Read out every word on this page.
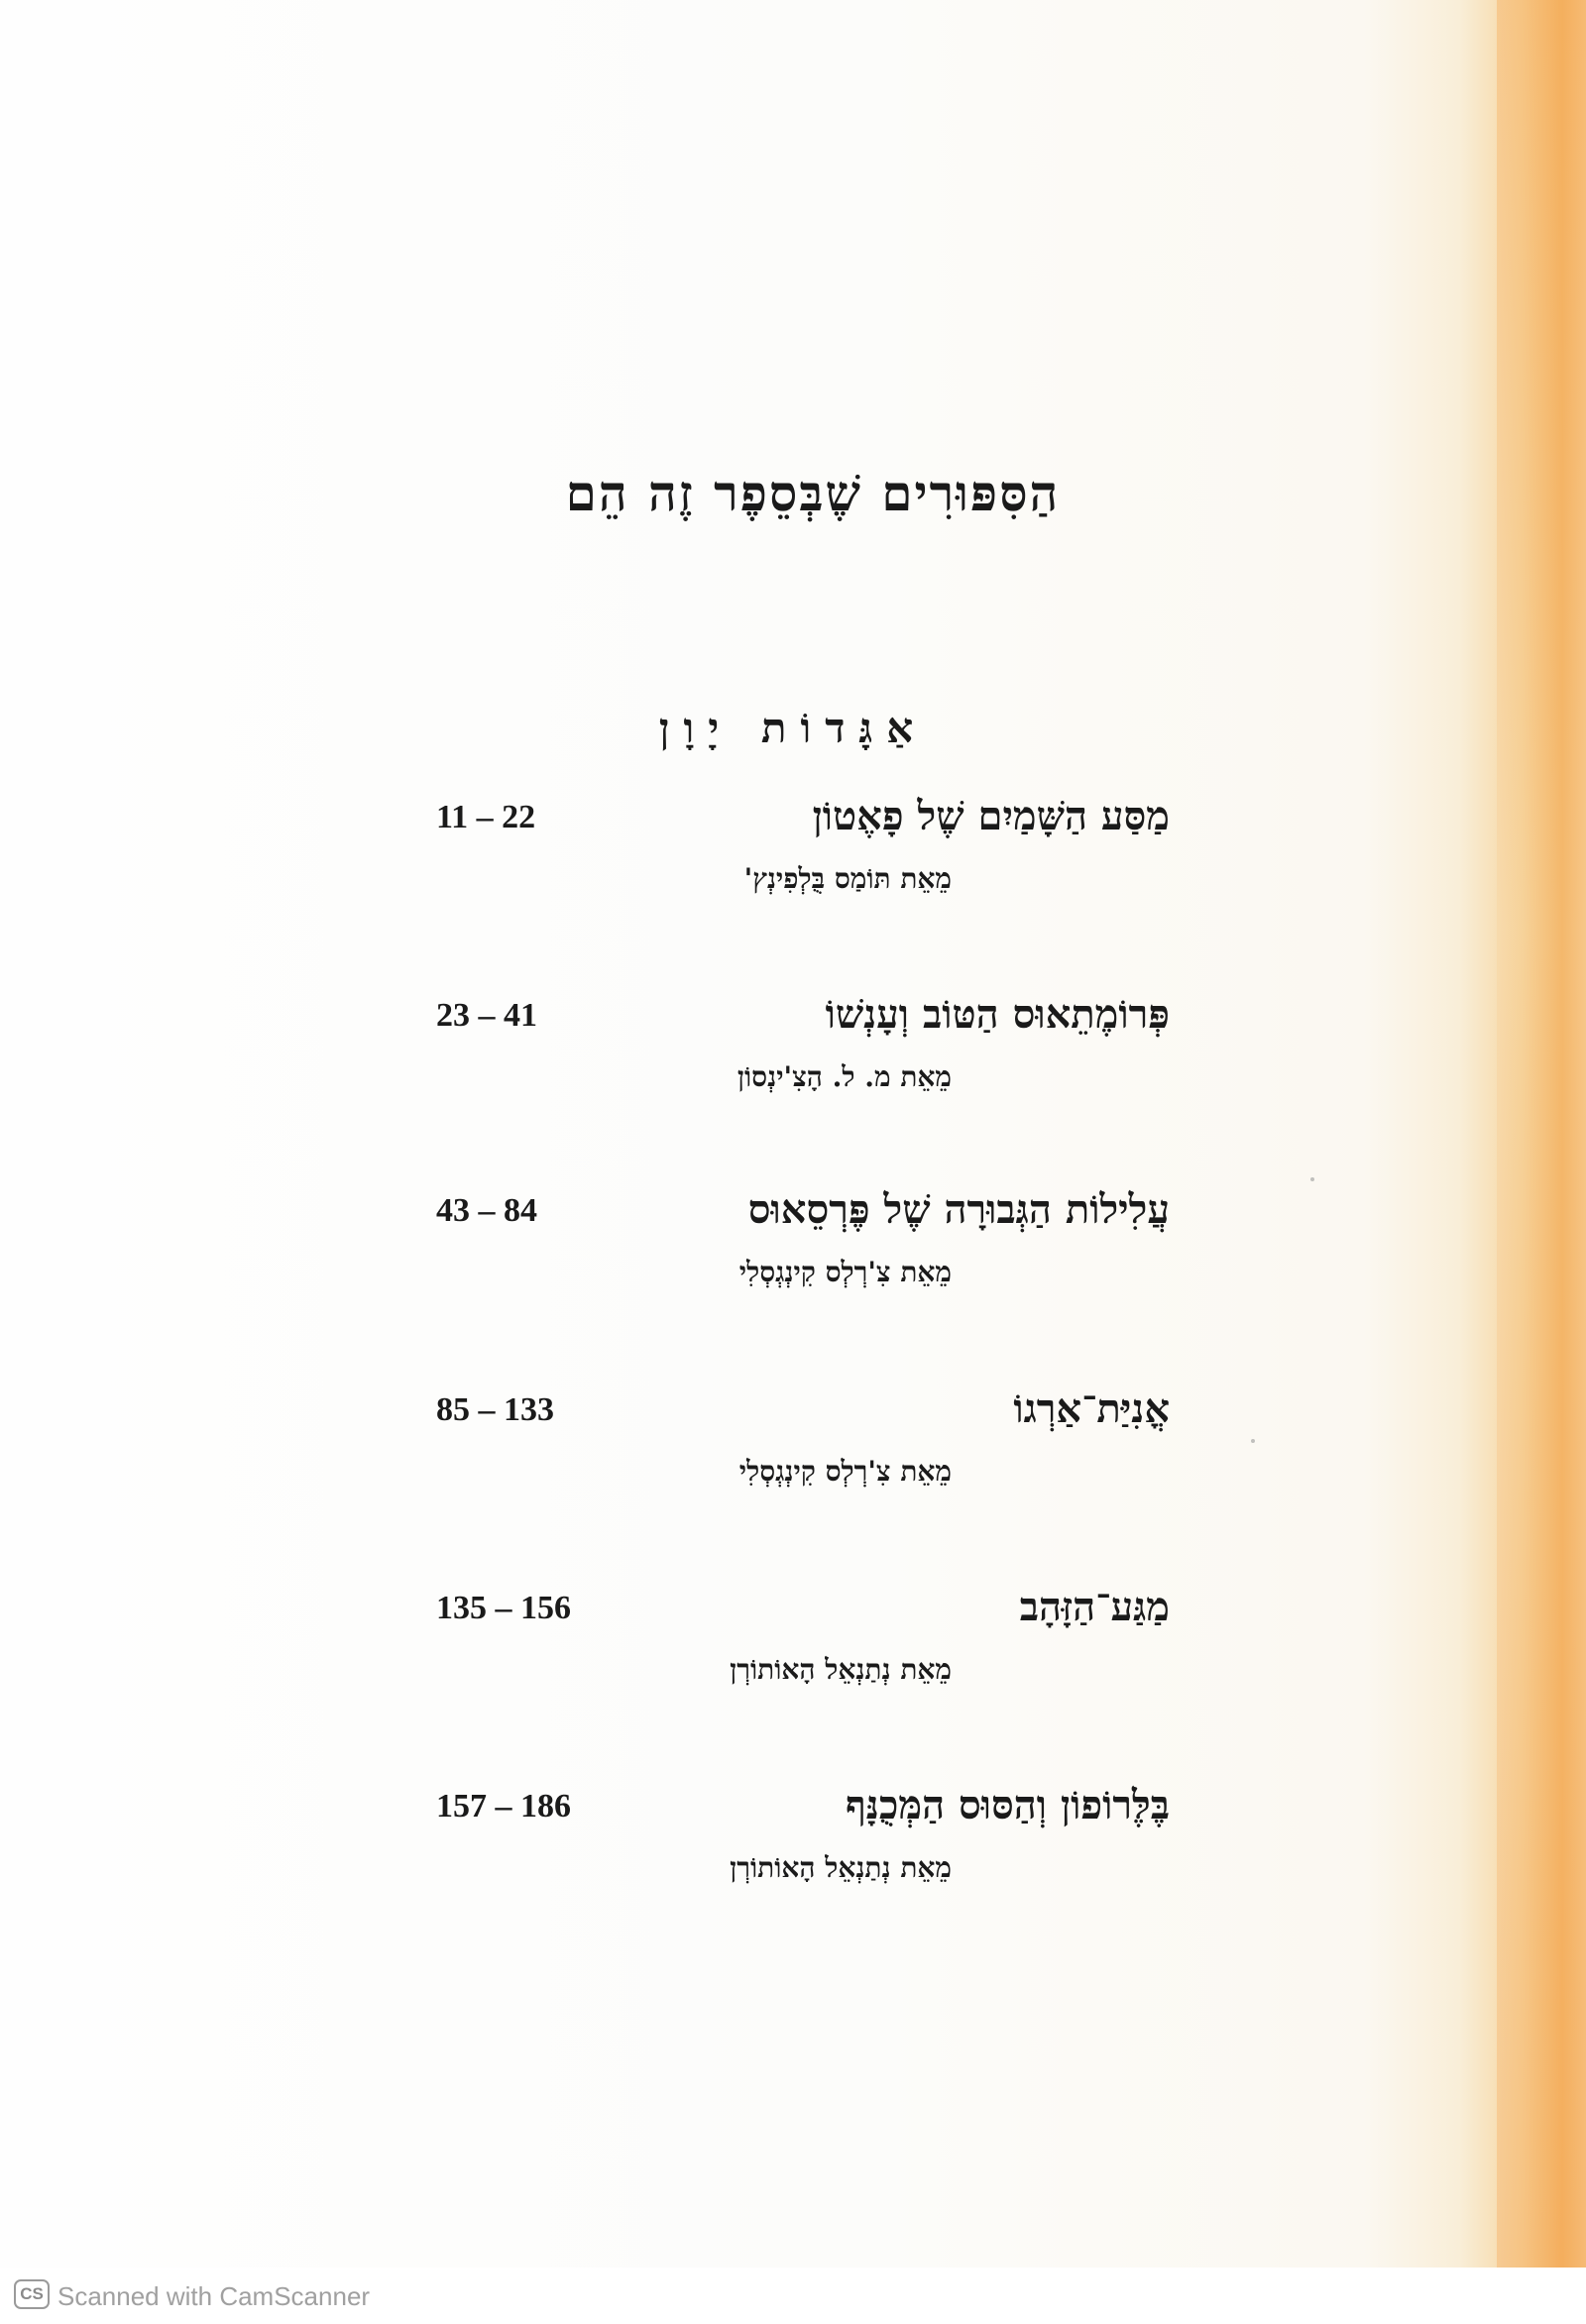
הַסִּפּוּרִים שֶׁבְּסֵפֶר זֶה הֵם
אַגָּדוֹת יָוָן
מַסַּע הַשָּׁמַיִם שֶׁל פָאֶטוֹן
11 – 22
מֵאֵת תּוֹמַס בֻּלְפִינְץ'
פְּרוֹמֶתֵאוּס הַטּוֹב וְעָנְשׁוֹ
23 – 41
מֵאֵת מ. ל. הָצִ'ינְסוֹן
עֲלִילוֹת הַגְּבוּרָה שֶׁל פֶּרְסֵאוּס
43 – 84
מֵאֵת צִ'רְלְס קִינְגְסְלִי
אֳנִיַּת־אַרְגוֹ
85 – 133
מֵאֵת צִ'רְלְס קִינְגְסְלִי
מַגַּע־הַזָּהָב
135 – 156
מֵאֵת נְתַנְאֵל הָאוֹתוֹרְן
בֶּלֶּרוֹפוֹן וְהַסּוּס הַמְּכֻנָּף
157 – 186
מֵאֵת נְתַנְאֵל הָאוֹתוֹרְן
CS Scanned with CamScanner
